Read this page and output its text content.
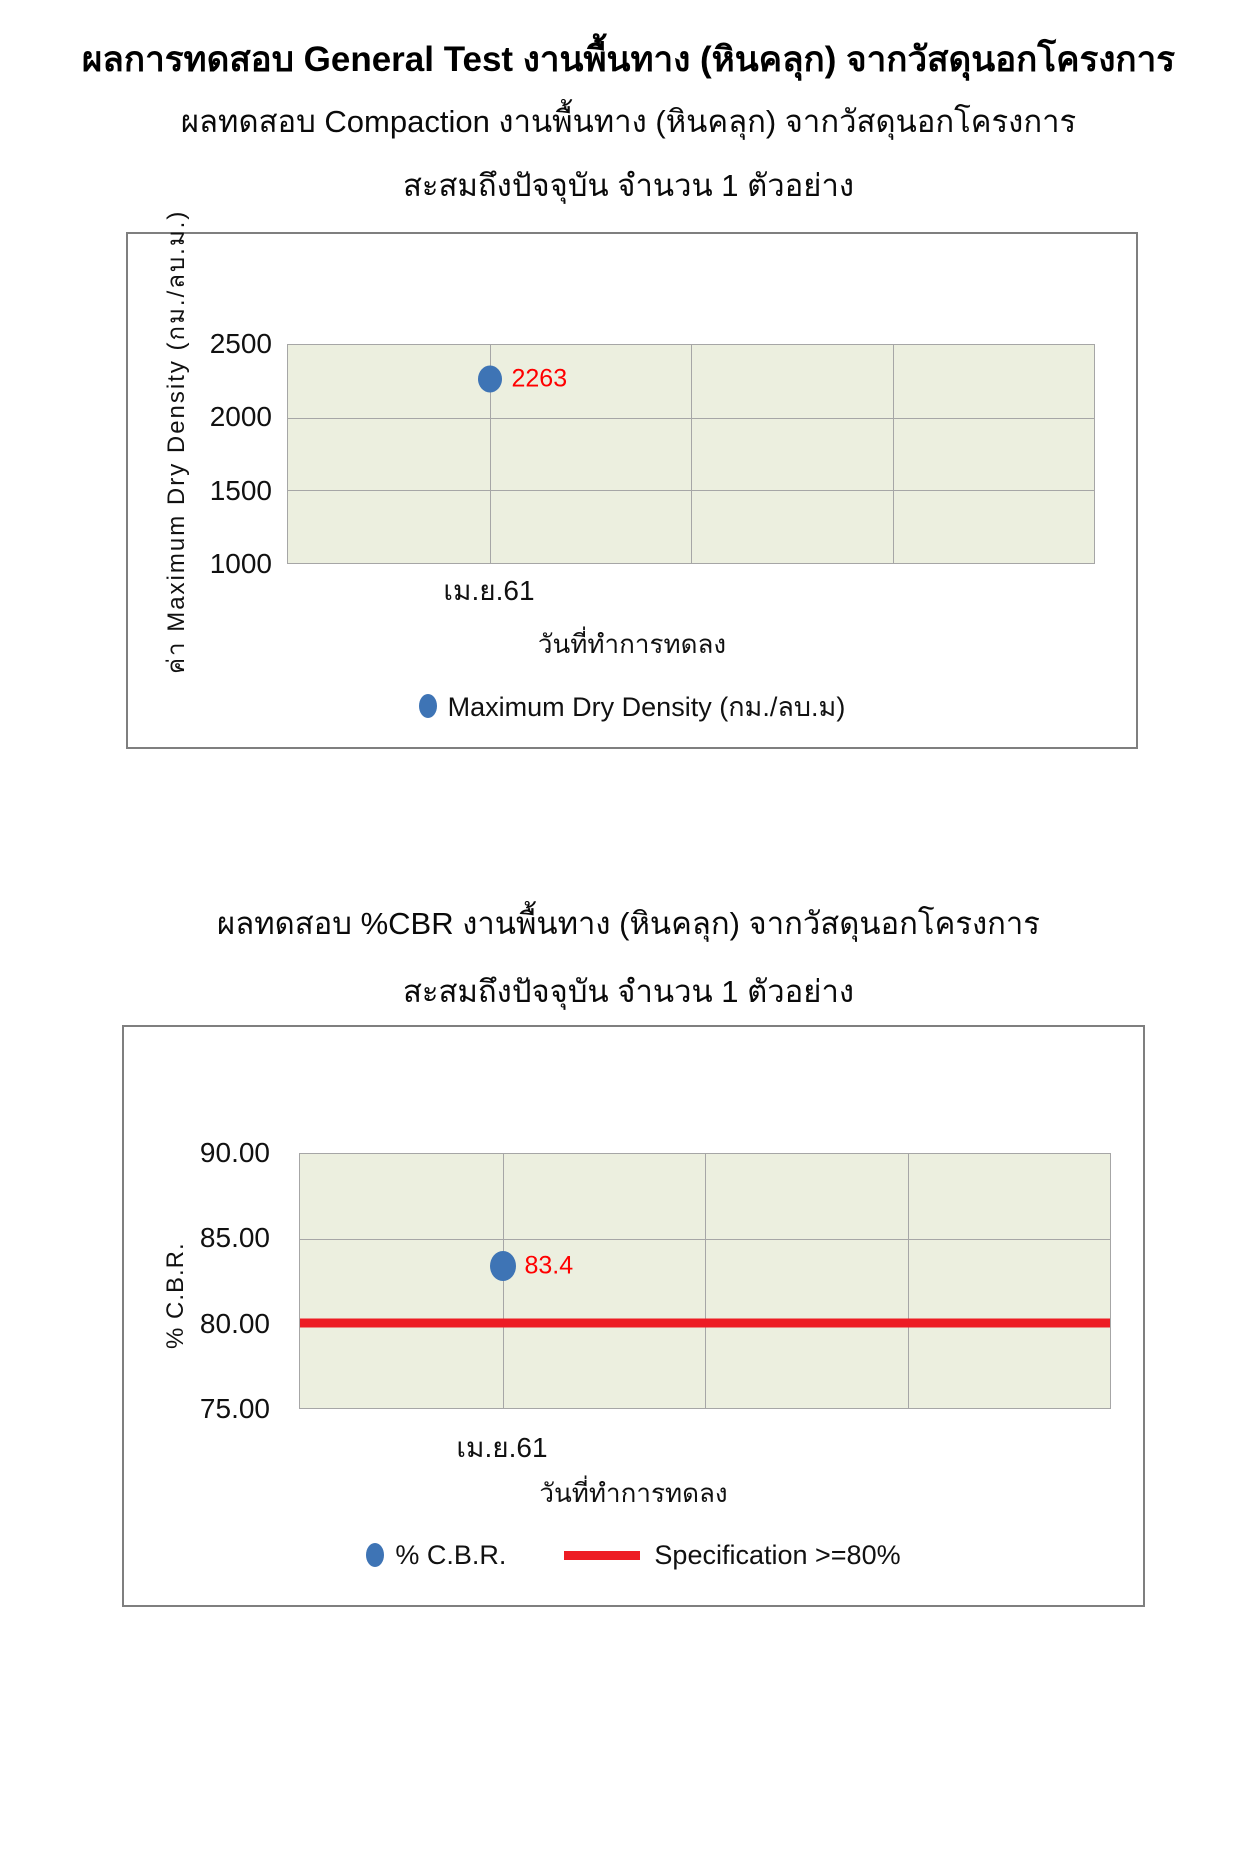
ผลการทดสอบ General Test งานพื้นทาง (หินคลุก) จากวัสดุนอกโครงการ
ผลทดสอบ Compaction งานพื้นทาง (หินคลุก) จากวัสดุนอกโครงการ
สะสมถึงปัจจุบัน จำนวน 1 ตัวอย่าง
ค่า Maximum Dry Density (กม./ลบ.ม.) 2500
2000
1500
1000
2263
เม.ย.61
วันที่ทำการทดลง
Maximum Dry Density (กม./ลบ.ม)
ผลทดสอบ %CBR งานพื้นทาง (หินคลุก) จากวัสดุนอกโครงการ
สะสมถึงปัจจุบัน จำนวน 1 ตัวอย่าง
% C.B.R.
90.00
85.00
80.00
75.00
83.4
เม.ย.61
วันที่ทำการทดลง
% C.B.R.	Specification >=80%
